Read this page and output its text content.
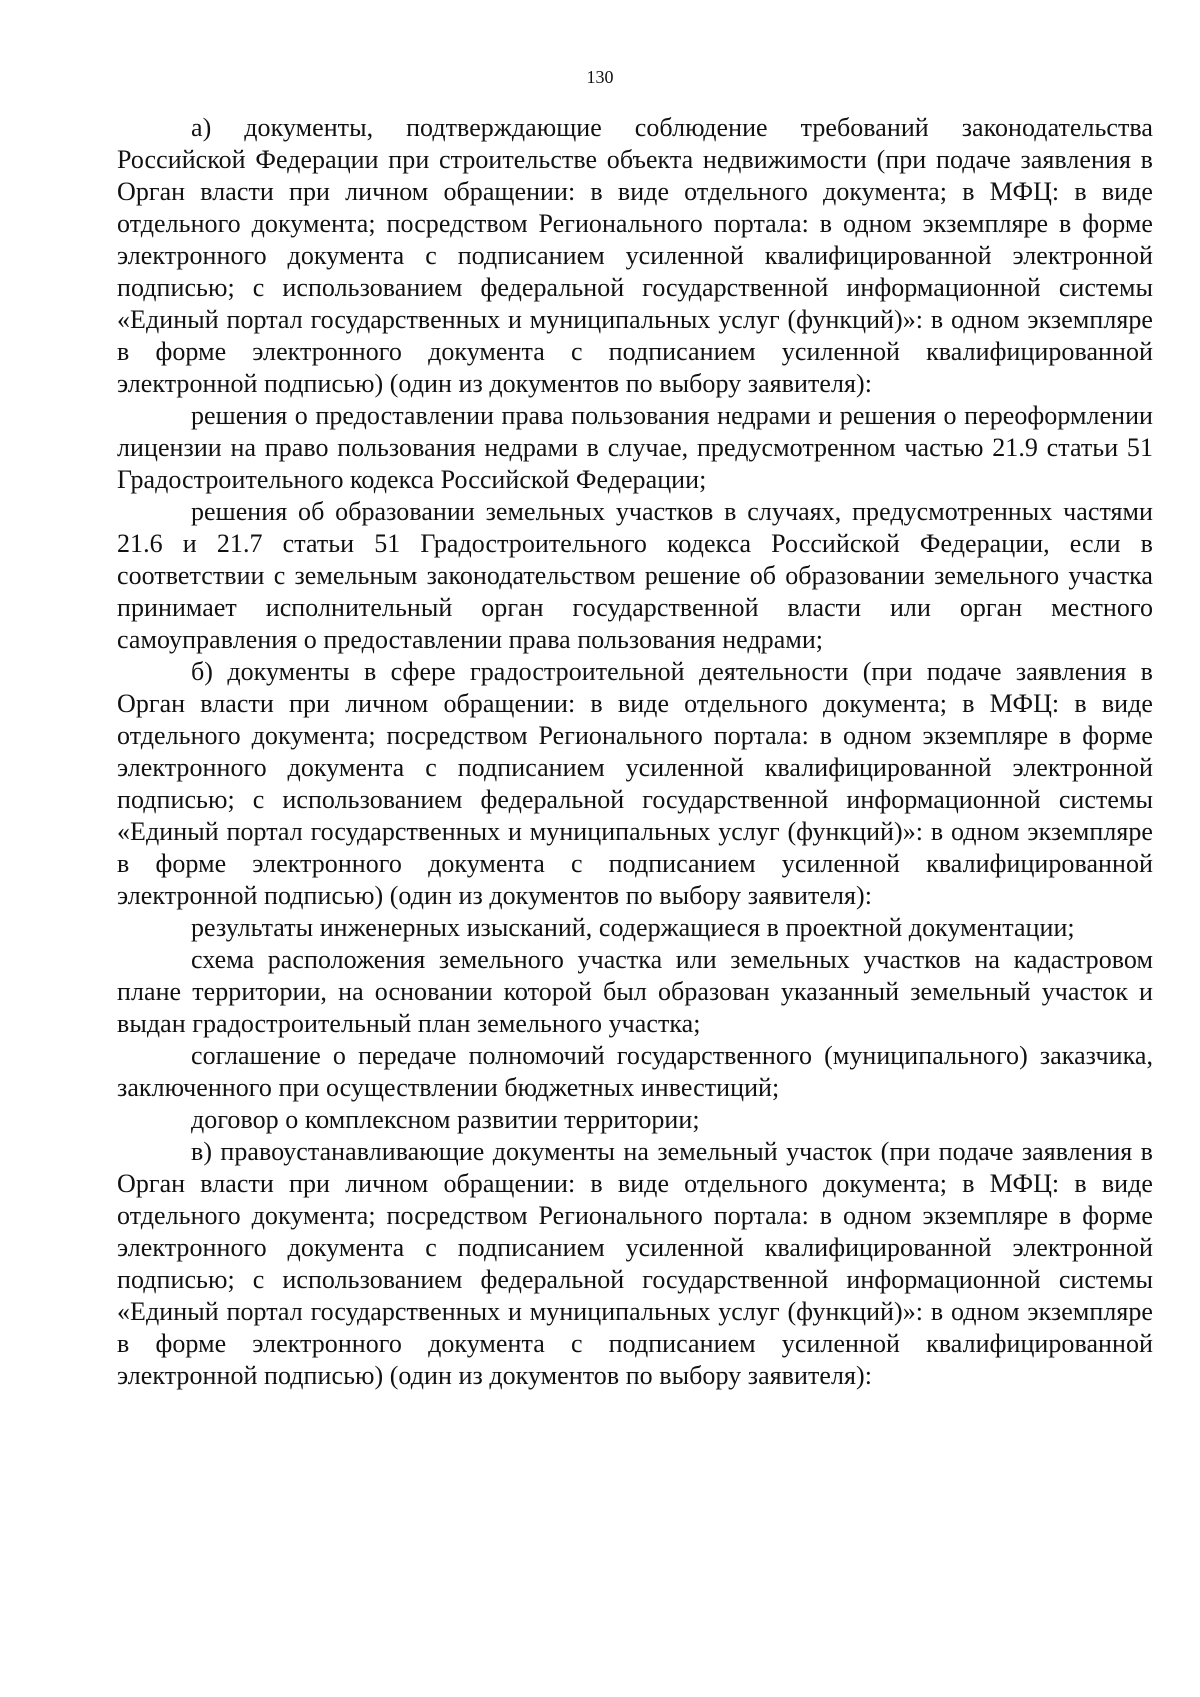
130

а) документы, подтверждающие соблюдение требований законодательства Российской Федерации при строительстве объекта недвижимости (при подаче заявления в Орган власти при личном обращении: в виде отдельного документа; в МФЦ: в виде отдельного документа; посредством Регионального портала: в одном экземпляре в форме электронного документа с подписанием усиленной квалифицированной электронной подписью; с использованием федеральной государственной информационной системы «Единый портал государственных и муниципальных услуг (функций)»: в одном экземпляре в форме электронного документа с подписанием усиленной квалифицированной электронной подписью) (один из документов по выбору заявителя):

решения о предоставлении права пользования недрами и решения о переоформлении лицензии на право пользования недрами в случае, предусмотренном частью 21.9 статьи 51 Градостроительного кодекса Российской Федерации;

решения об образовании земельных участков в случаях, предусмотренных частями 21.6 и 21.7 статьи 51 Градостроительного кодекса Российской Федерации, если в соответствии с земельным законодательством решение об образовании земельного участка принимает исполнительный орган государственной власти или орган местного самоуправления о предоставлении права пользования недрами;

б) документы в сфере градостроительной деятельности (при подаче заявления в Орган власти при личном обращении: в виде отдельного документа; в МФЦ: в виде отдельного документа; посредством Регионального портала: в одном экземпляре в форме электронного документа с подписанием усиленной квалифицированной электронной подписью; с использованием федеральной государственной информационной системы «Единый портал государственных и муниципальных услуг (функций)»: в одном экземпляре в форме электронного документа с подписанием усиленной квалифицированной электронной подписью) (один из документов по выбору заявителя):

результаты инженерных изысканий, содержащиеся в проектной документации;

схема расположения земельного участка или земельных участков на кадастровом плане территории, на основании которой был образован указанный земельный участок и выдан градостроительный план земельного участка;

соглашение о передаче полномочий государственного (муниципального) заказчика, заключенного при осуществлении бюджетных инвестиций;

договор о комплексном развитии территории;

в) правоустанавливающие документы на земельный участок (при подаче заявления в Орган власти при личном обращении: в виде отдельного документа; в МФЦ: в виде отдельного документа; посредством Регионального портала: в одном экземпляре в форме электронного документа с подписанием усиленной квалифицированной электронной подписью; с использованием федеральной государственной информационной системы «Единый портал государственных и муниципальных услуг (функций)»: в одном экземпляре в форме электронного документа с подписанием усиленной квалифицированной электронной подписью) (один из документов по выбору заявителя):
